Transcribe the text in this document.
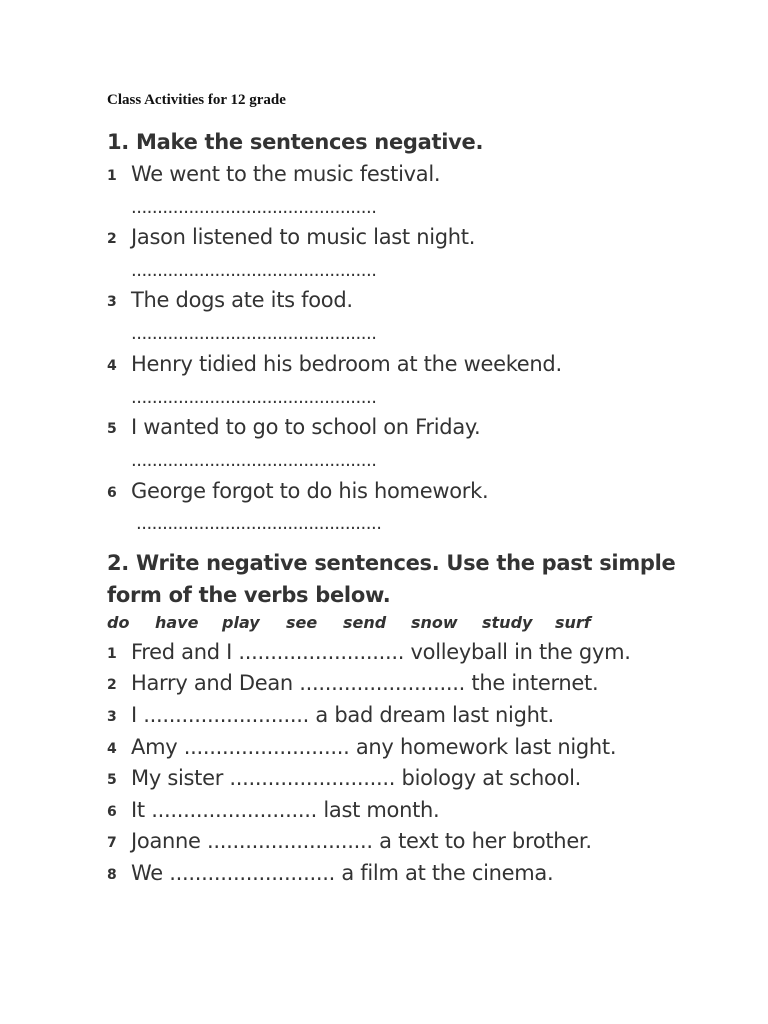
Class Activities for 12 grade

1. Make the sentences negative.

1 We went to the music festival.
...............................................
2 Jason listened to music last night.
...............................................
3 The dogs ate its food.
...............................................
4 Henry tidied his bedroom at the weekend.
...............................................
5 I wanted to go to school on Friday.
...............................................
6 George forgot to do his homework.
...............................................

2. Write negative sentences. Use the past simple

form of the verbs below.

do	have	play	see	send	snow	study	surf
1 Fred and I .......................... volleyball in the gym.
2 Harry and Dean .......................... the internet.
3 I .......................... a bad dream last night.
4 Amy .......................... any homework last night.
5 My sister .......................... biology at school.
6 It .......................... last month.
7 Joanne .......................... a text to her brother.
8 We .......................... a film at the cinema.
